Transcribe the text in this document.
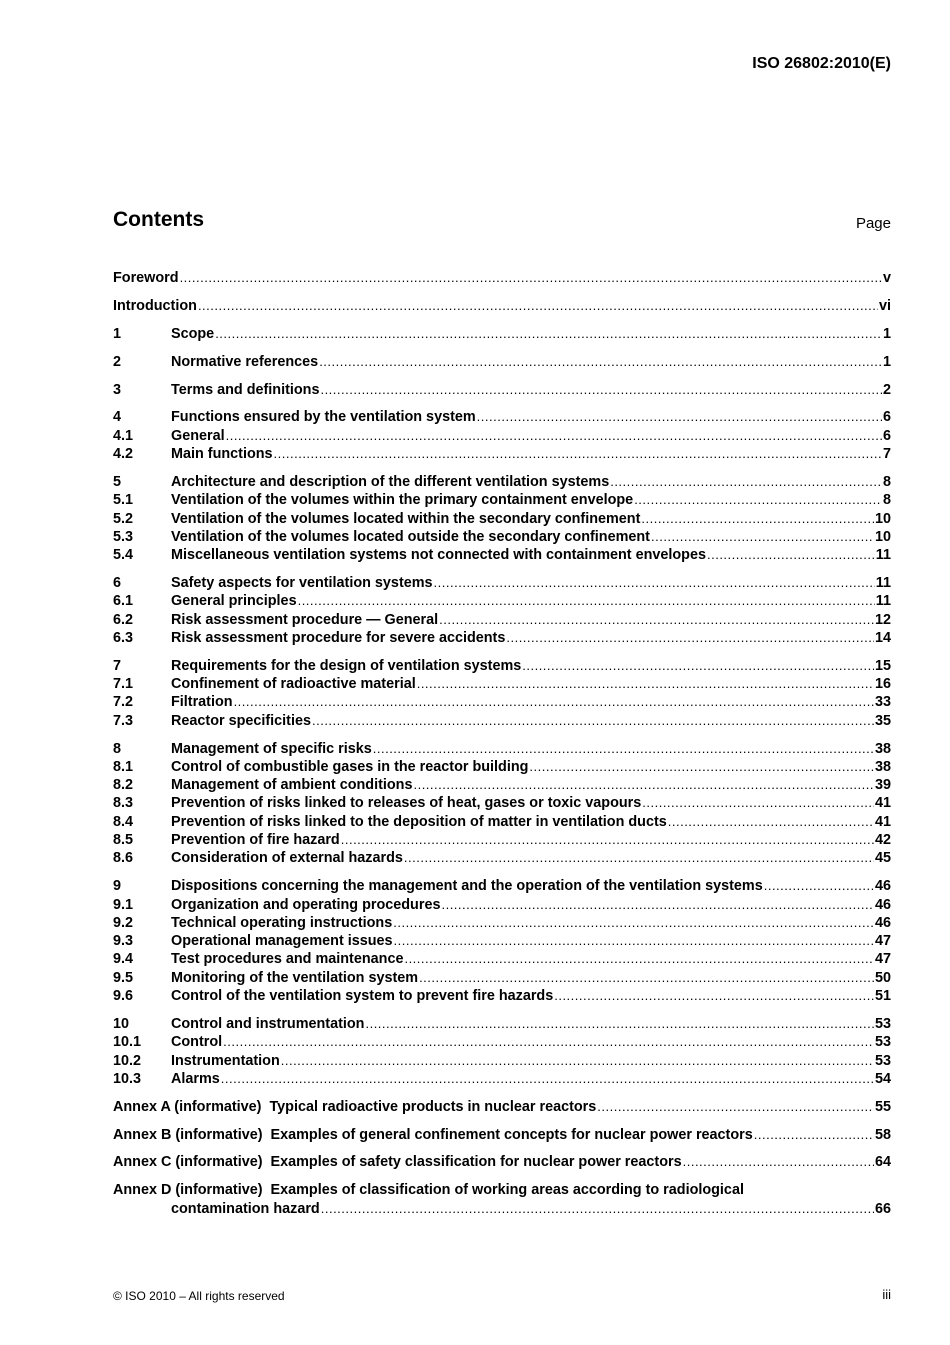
ISO 26802:2010(E)
Contents	Page
Foreword .....	v
Introduction .....	vi
1	Scope .....	1
2	Normative references .....	1
3	Terms and definitions .....	2
4	Functions ensured by the ventilation system .....	6
4.1	General .....	6
4.2	Main functions .....	7
5	Architecture and description of the different ventilation systems .....	8
5.1	Ventilation of the volumes within the primary containment envelope .....	8
5.2	Ventilation of the volumes located within the secondary confinement .....	10
5.3	Ventilation of the volumes located outside the secondary confinement .....	10
5.4	Miscellaneous ventilation systems not connected with containment envelopes .....	11
6	Safety aspects for ventilation systems .....	11
6.1	General principles .....	11
6.2	Risk assessment procedure — General .....	12
6.3	Risk assessment procedure for severe accidents .....	14
7	Requirements for the design of ventilation systems .....	15
7.1	Confinement of radioactive material .....	16
7.2	Filtration .....	33
7.3	Reactor specificities .....	35
8	Management of specific risks .....	38
8.1	Control of combustible gases in the reactor building .....	38
8.2	Management of ambient conditions .....	39
8.3	Prevention of risks linked to releases of heat, gases or toxic vapours .....	41
8.4	Prevention of risks linked to the deposition of matter in ventilation ducts .....	41
8.5	Prevention of fire hazard .....	42
8.6	Consideration of external hazards .....	45
9	Dispositions concerning the management and the operation of the ventilation systems .....	46
9.1	Organization and operating procedures .....	46
9.2	Technical operating instructions .....	46
9.3	Operational management issues .....	47
9.4	Test procedures and maintenance .....	47
9.5	Monitoring of the ventilation system .....	50
9.6	Control of the ventilation system to prevent fire hazards .....	51
10	Control and instrumentation .....	53
10.1	Control .....	53
10.2	Instrumentation .....	53
10.3	Alarms .....	54
Annex A (informative)  Typical radioactive products in nuclear reactors .....	55
Annex B (informative)  Examples of general confinement concepts for nuclear power reactors .....	58
Annex C (informative)  Examples of safety classification for nuclear power reactors .....	64
Annex D (informative)  Examples of classification of working areas according to radiological
contamination hazard .....	66
© ISO 2010 – All rights reserved	iii
